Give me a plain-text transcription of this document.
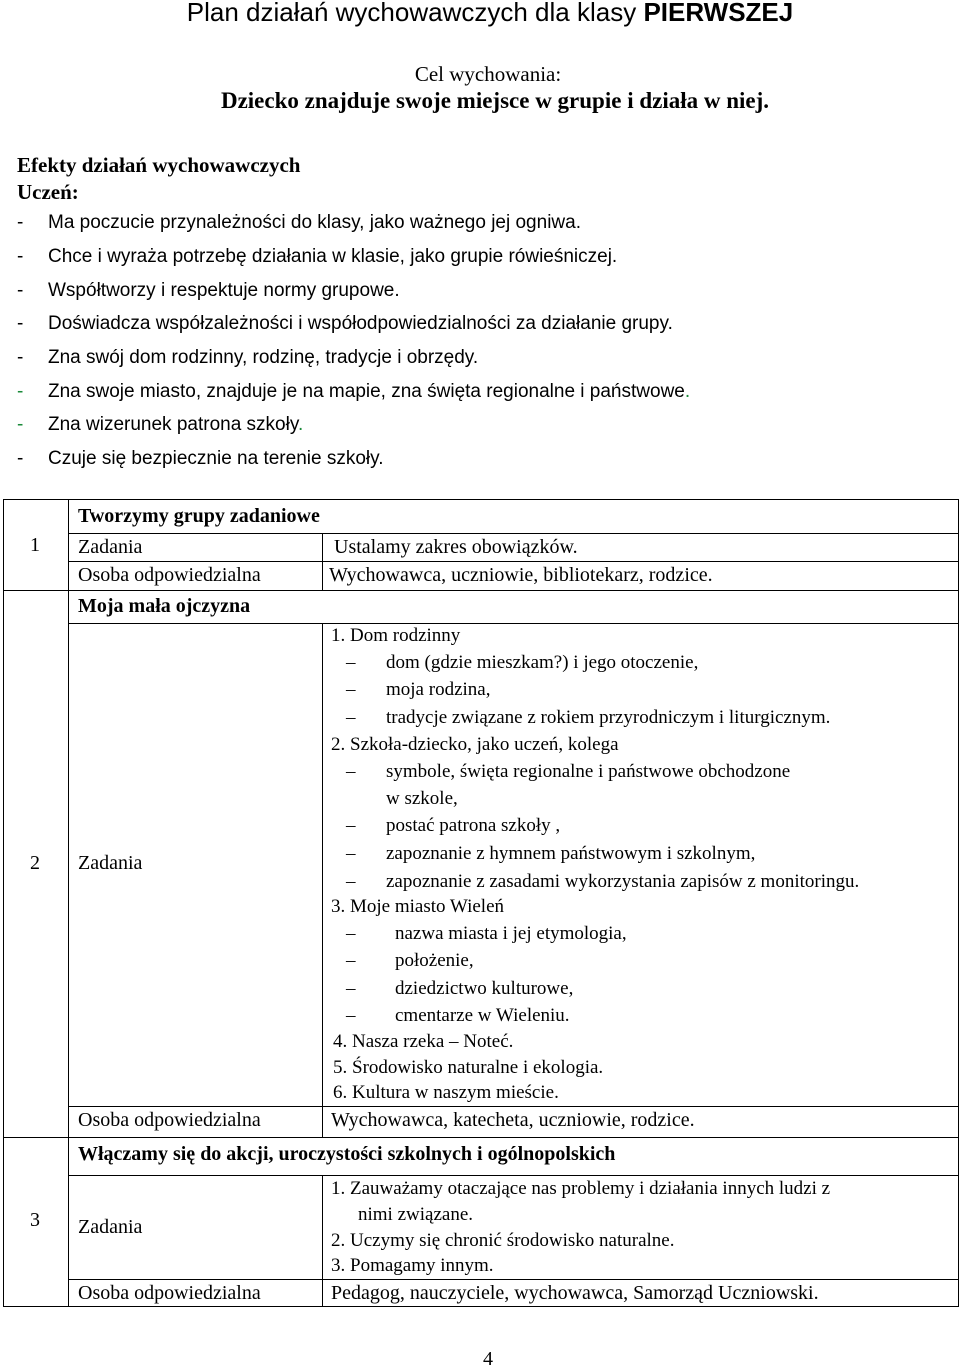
Plan działań wychowawczych dla klasy PIERWSZEJ
Cel wychowania:
Dziecko znajduje swoje miejsce w grupie i działa w niej.
Efekty działań wychowawczych
Uczeń:
- Ma poczucie przynależności do klasy, jako ważnego jej ogniwa.
- Chce i wyraża potrzebę działania w klasie, jako grupie rówieśniczej.
- Współtworzy i respektuje normy grupowe.
- Doświadcza współzależności i współodpowiedzialności za działanie grupy.
- Zna swój dom rodzinny, rodzinę, tradycje i obrzędy.
- Zna swoje miasto, znajduje je na mapie, zna święta regionalne i państwowe.
- Zna wizerunek patrona szkoły.
- Czuje się bezpiecznie na terenie szkoły.
1
Tworzymy grupy zadaniowe
Zadania	Ustalamy zakres obowiązków.
Osoba odpowiedzialna	Wychowawca, uczniowie, bibliotekarz, rodzice.
2
Moja mała ojczyzna
Zadania
1. Dom rodzinny
– dom (gdzie mieszkam?) i jego otoczenie,
– moja rodzina,
– tradycje związane z rokiem przyrodniczym i liturgicznym.
2. Szkoła-dziecko, jako uczeń, kolega
– symbole, święta regionalne i państwowe obchodzone
w szkole,
– postać patrona szkoły ,
– zapoznanie z hymnem państwowym i szkolnym,
– zapoznanie z zasadami wykorzystania zapisów z monitoringu.
3. Moje miasto Wieleń
– nazwa miasta i jej etymologia,
– położenie,
– dziedzictwo kulturowe,
– cmentarze w Wieleniu.
4. Nasza rzeka – Noteć.
5. Środowisko naturalne i ekologia.
6. Kultura w naszym mieście.
Osoba odpowiedzialna	Wychowawca, katecheta, uczniowie, rodzice.
3
Włączamy się do akcji, uroczystości szkolnych i ogólnopolskich
Zadania
1. Zauważamy otaczające nas problemy i działania innych ludzi z
nimi związane.
2. Uczymy się chronić środowisko naturalne.
3. Pomagamy innym.
Osoba odpowiedzialna	Pedagog, nauczyciele, wychowawca, Samorząd Uczniowski.
4
